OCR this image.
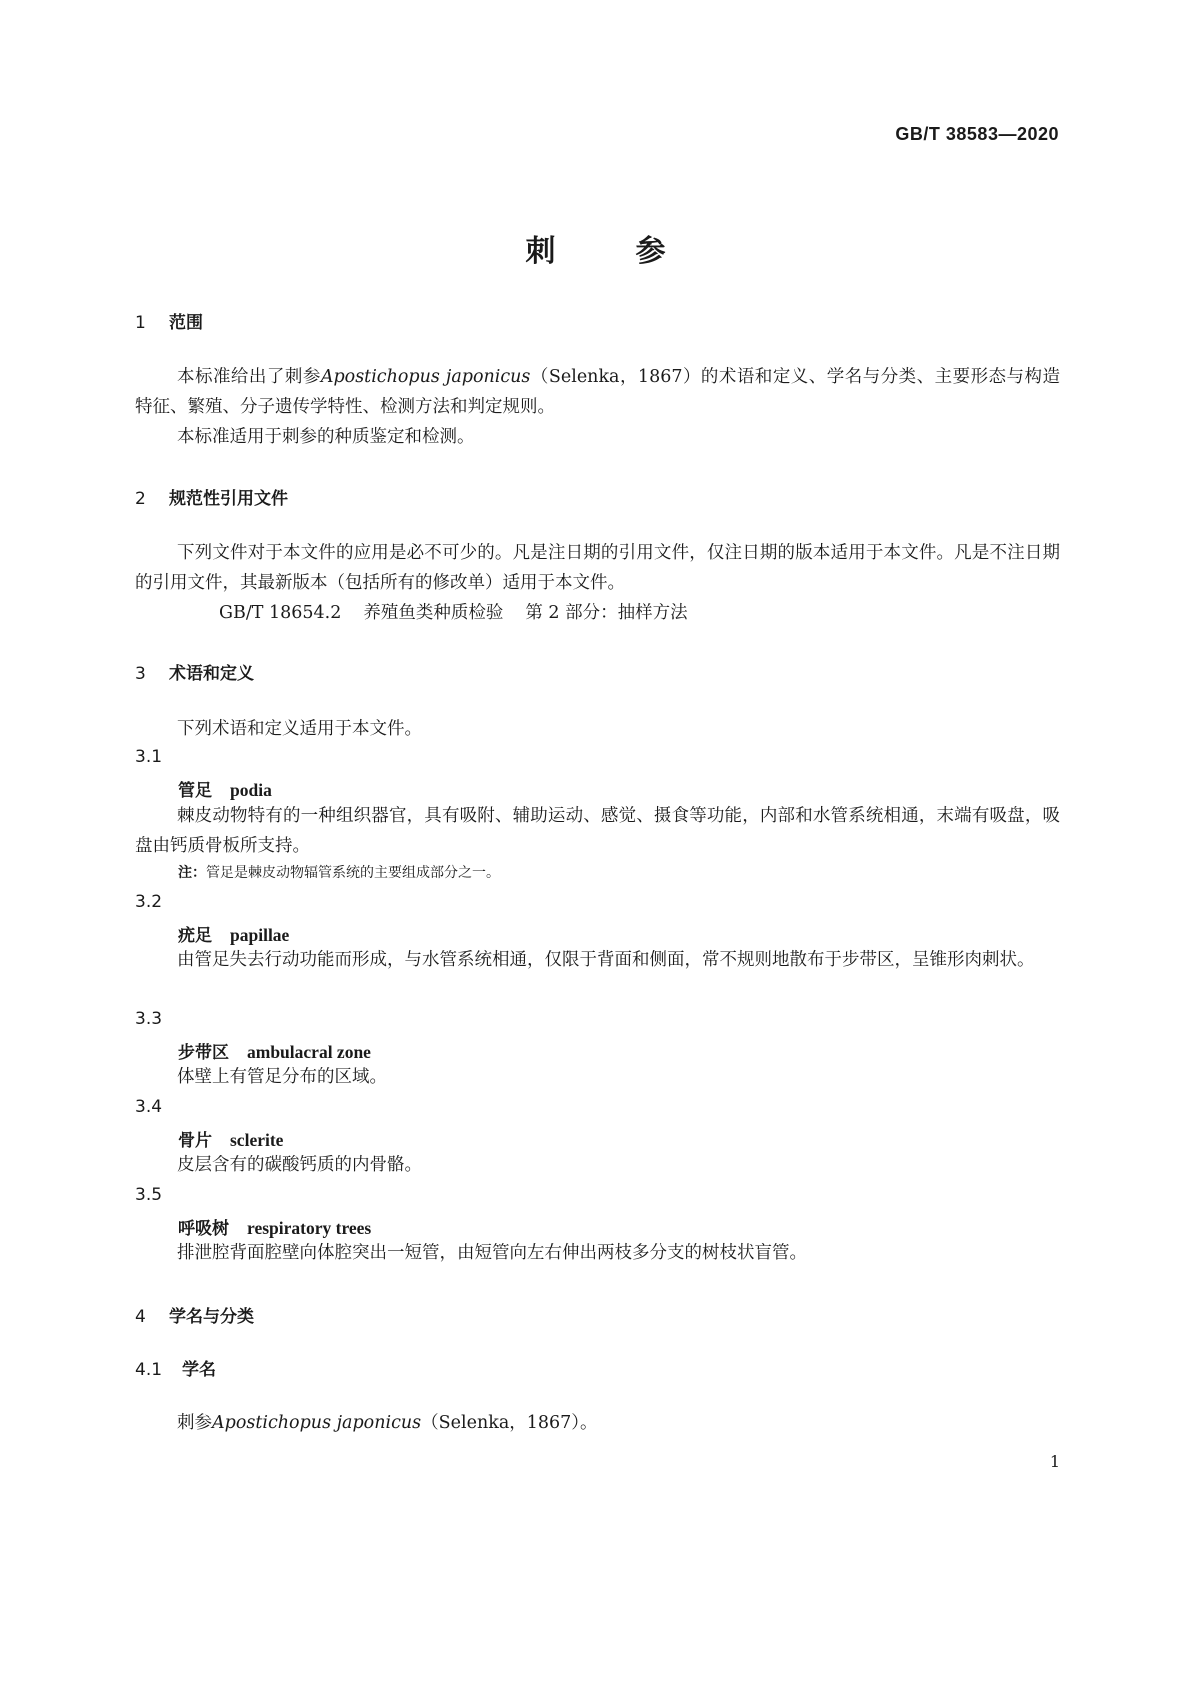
GB/T 38583—2020
刺参
1 范围
本标准给出了刺参Apostichopus japonicus（Selenka，1867）的术语和定义、学名与分类、主要形态与构造特征、繁殖、分子遗传学特性、检测方法和判定规则。
本标准适用于刺参的种质鉴定和检测。
2 规范性引用文件
下列文件对于本文件的应用是必不可少的。凡是注日期的引用文件，仅注日期的版本适用于本文件。凡是不注日期的引用文件，其最新版本（包括所有的修改单）适用于本文件。
GB/T 18654.2 养殖鱼类种质检验 第 2 部分：抽样方法
3 术语和定义
下列术语和定义适用于本文件。
3.1
管足 podia
棘皮动物特有的一种组织器官，具有吸附、辅助运动、感觉、摄食等功能，内部和水管系统相通，末端有吸盘，吸盘由钙质骨板所支持。
注：管足是棘皮动物辐管系统的主要组成部分之一。
3.2
疣足 papillae
由管足失去行动功能而形成，与水管系统相通，仅限于背面和侧面，常不规则地散布于步带区，呈锥形肉刺状。
3.3
步带区 ambulacral zone
体壁上有管足分布的区域。
3.4
骨片 sclerite
皮层含有的碳酸钙质的内骨骼。
3.5
呼吸树 respiratory trees
排泄腔背面腔壁向体腔突出一短管，由短管向左右伸出两枝多分支的树枝状盲管。
4 学名与分类
4.1 学名
刺参Apostichopus japonicus（Selenka，1867）。
1
